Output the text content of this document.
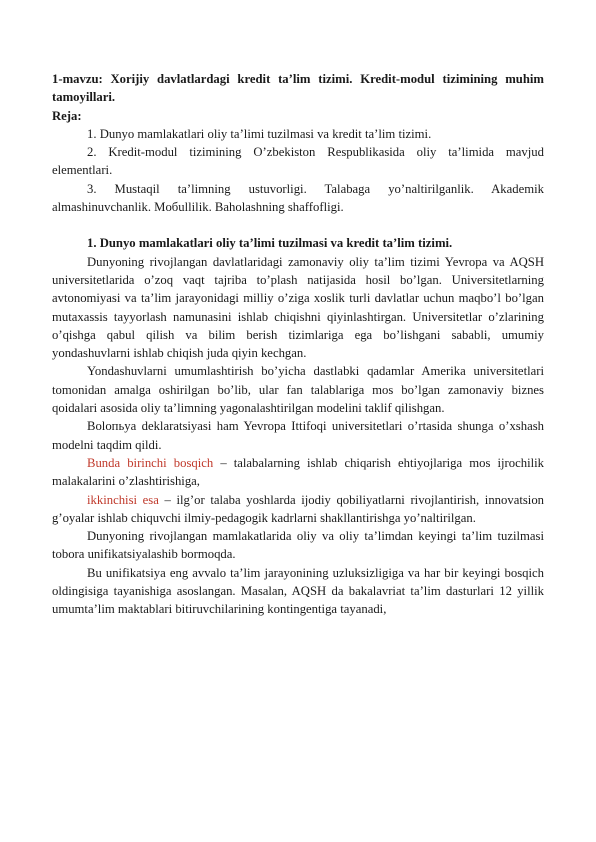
1-mavzu: Xorijiy davlatlardagi kredit ta’lim tizimi. Kredit-modul tizimining muhim tamoyillari.

Reja:

1. Dunyo mamlakatlari oliy ta’limi tuzilmasi va kredit ta’lim tizimi.

2. Kredit-modul tizimining O’zbekiston Respublikasida oliy ta’limida mavjud elementlari.

3. Mustaqil ta’limning ustuvorligi. Talabaga yo’naltirilganlik. Akademik almashinuvchanlik. Moбullilik. Baholashning shaffofligi.

1. Dunyo mamlakatlari oliy ta’limi tuzilmasi va kredit ta’lim tizimi.

Dunyoning rivojlangan davlatlaridagi zamonaviy oliy ta’lim tizimi Yevropa va AQSH universitetlarida o’zoq vaqt tajriba to’plash natijasida hosil bo’lgan. Universitetlarning avtonomiyasi va ta’lim jarayonidagi milliy o’ziga xoslik turli davlatlar uchun maqbo’l bo’lgan mutaxassis tayyorlash namunasini ishlab chiqishni qiyinlashtirgan. Universitetlar o’zlarining o’qishga qabul qilish va bilim berish tizimlariga ega bo’lishgani sababli, umumiy yondashuvlarni ishlab chiqish juda qiyin kechgan.

Yondashuvlarni umumlashtirish bo’yicha dastlabki qadamlar Amerika universitetlari tomonidan amalga oshirilgan bo’lib, ular fan talablariga mos bo’lgan zamonaviy biznes qoidalari asosida oliy ta’limning yagonalashtirilgan modelini taklif qilishgan.

Boloпьya deklaratsiyasi ham Yevropa Ittifoqi universitetlari o’rtasida shunga o’xshash modelni taqdim qildi.

Bunda birinchi bosqich – talabalarning ishlab chiqarish ehtiyojlariga mos ijrochilik malakalarini o’zlashtirishiga,

ikkinchisi esa – ilg’or talaba yoshlarda ijodiy qobiliyatlarni rivojlantirish, innovatsion g’oyalar ishlab chiquvchi ilmiy-pedagogik kadrlarni shakllantirishga yo’naltirilgan.

Dunyoning rivojlangan mamlakatlarida oliy va oliy ta’limdan keyingi ta’lim tuzilmasi tobora unifikatsiyalashib bormoqda.

Bu unifikatsiya eng avvalo ta’lim jarayonining uzluksizligiga va har bir keyingi bosqich oldingisiga tayanishiga asoslangan. Masalan, AQSH da bakalavriat ta’lim dasturlari 12 yillik umumta’lim maktablari bitiruvchilarining kontingentiga tayanadi,
